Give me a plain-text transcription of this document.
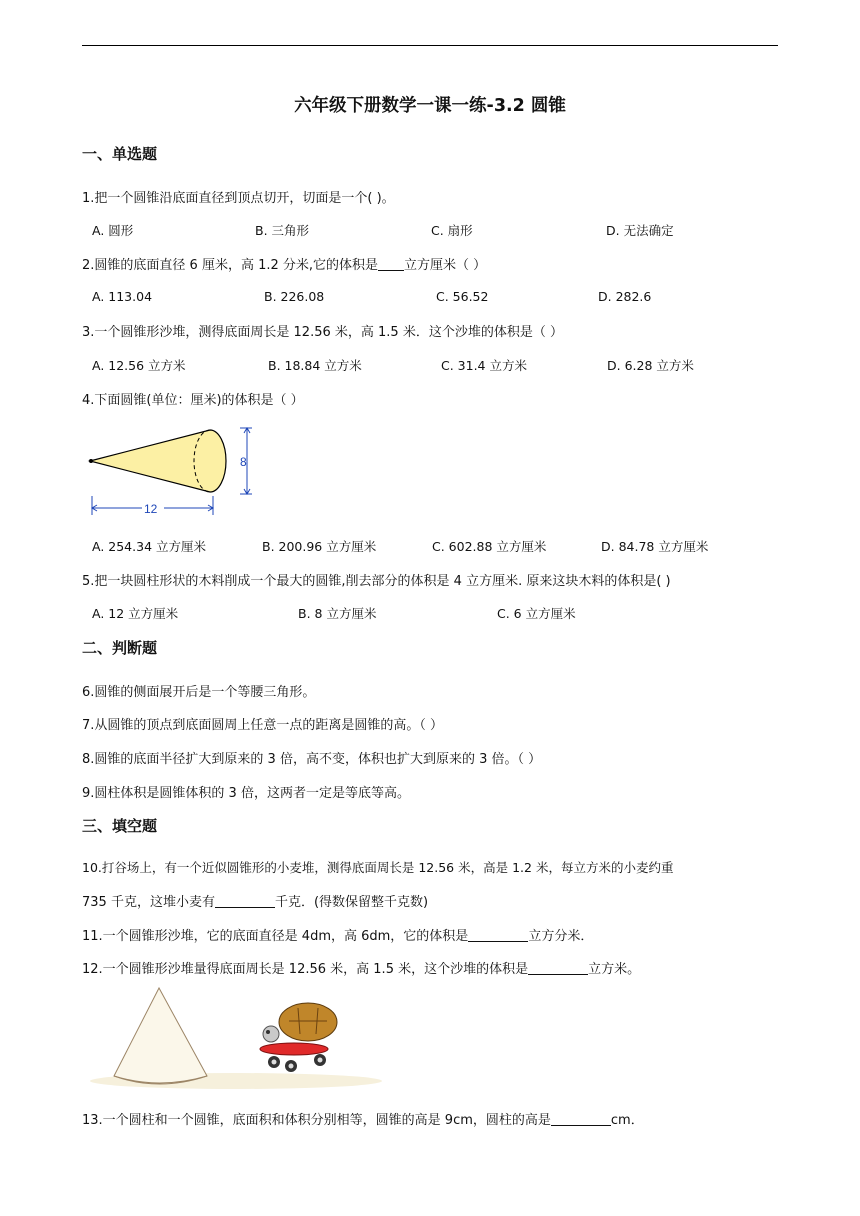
六年级下册数学一课一练-3.2 圆锥
一、单选题
1.把一个圆锥沿底面直径到顶点切开，切面是一个( )。
A. 圆形	B. 三角形	C. 扇形	D. 无法确定
2.圆锥的底面直径 6 厘米，高 1.2 分米,它的体积是 立方厘米（ ）
A. 113.04	B. 226.08	C. 56.52	D. 282.6
3.一个圆锥形沙堆，测得底面周长是 12.56 米，高 1.5 米．这个沙堆的体积是（ ）
A. 12.56 立方米	B. 18.84 立方米	C. 31.4 立方米	D. 6.28 立方米
4.下面圆锥(单位：厘米)的体积是（ ）
8
12
A. 254.34 立方厘米	B. 200.96 立方厘米	C. 602.88 立方厘米	D. 84.78 立方厘米
5.把一块圆柱形状的木料削成一个最大的圆锥,削去部分的体积是 4 立方厘米. 原来这块木料的体积是( )
A. 12 立方厘米	B. 8 立方厘米	C. 6 立方厘米
二、判断题
6.圆锥的侧面展开后是一个等腰三角形。
7.从圆锥的顶点到底面圆周上任意一点的距离是圆锥的高。（ ）
8.圆锥的底面半径扩大到原来的 3 倍，高不变，体积也扩大到原来的 3 倍。（ ）
9.圆柱体积是圆锥体积的 3 倍，这两者一定是等底等高。
三、填空题
10.打谷场上，有一个近似圆锥形的小麦堆，测得底面周长是 12.56 米，高是 1.2 米，每立方米的小麦约重
735 千克，这堆小麦有	千克．(得数保留整千克数)
11.一个圆锥形沙堆，它的底面直径是 4dm，高 6dm，它的体积是	立方分米．
12.一个圆锥形沙堆量得底面周长是 12.56 米，高 1.5 米，这个沙堆的体积是	立方米。
13.一个圆柱和一个圆锥，底面积和体积分别相等，圆锥的高是 9cm，圆柱的高是	cm．
